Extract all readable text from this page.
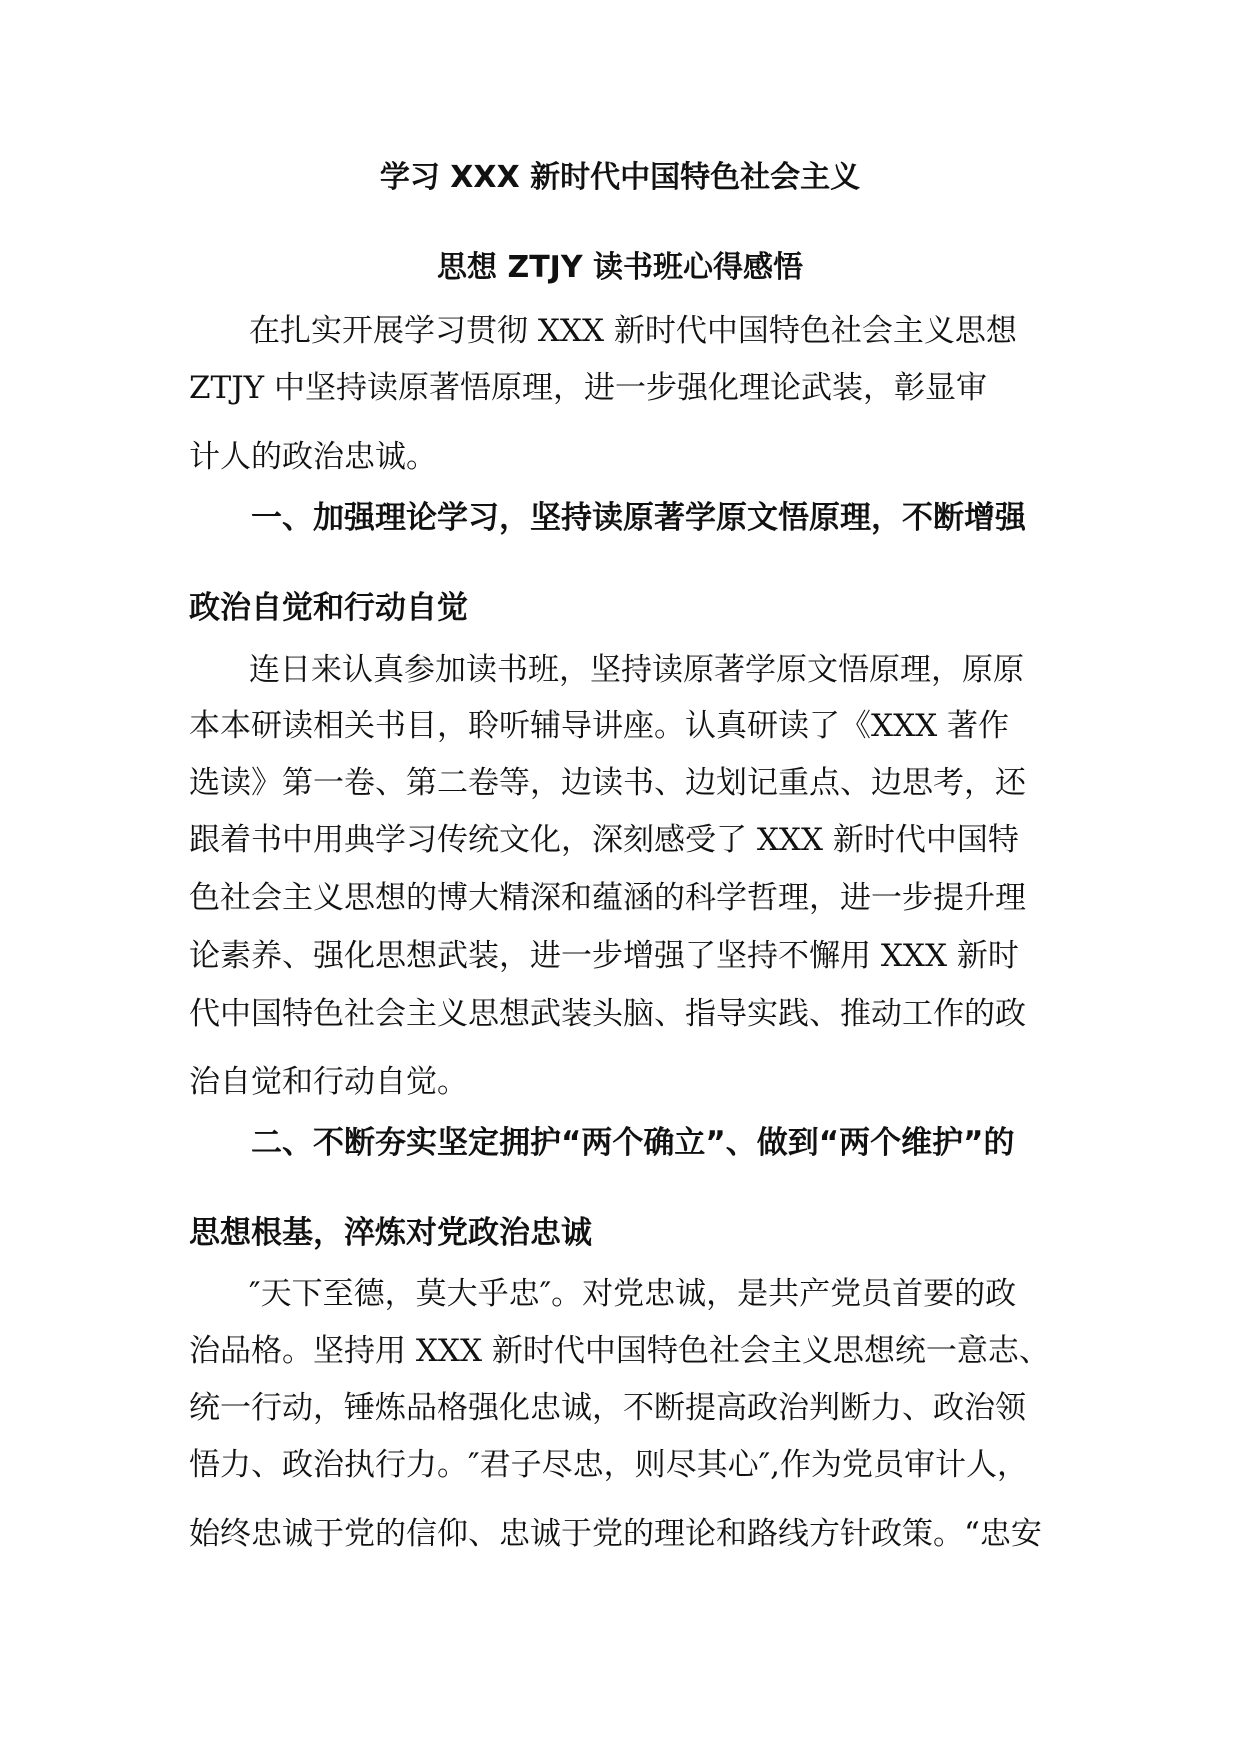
学习 XXX 新时代中国特色社会主义
思想 ZTJY 读书班心得感悟
在扎实开展学习贯彻 XXX 新时代中国特色社会主义思想
ZTJY 中坚持读原著悟原理，进一步强化理论武装，彰显审
计人的政治忠诚。
一、加强理论学习，坚持读原著学原文悟原理，不断增强
政治自觉和行动自觉
连日来认真参加读书班，坚持读原著学原文悟原理，原原
本本研读相关书目，聆听辅导讲座。认真研读了《XXX 著作
选读》第一卷、第二卷等，边读书、边划记重点、边思考，还
跟着书中用典学习传统文化，深刻感受了 XXX 新时代中国特
色社会主义思想的博大精深和蕴涵的科学哲理，进一步提升理
论素养、强化思想武装，进一步增强了坚持不懈用 XXX 新时
代中国特色社会主义思想武装头脑、指导实践、推动工作的政
治自觉和行动自觉。
二、不断夯实坚定拥护“两个确立”、做到“两个维护”的
思想根基，淬炼对党政治忠诚
″天下至德，莫大乎忠″。对党忠诚，是共产党员首要的政
治品格。坚持用 XXX 新时代中国特色社会主义思想统一意志、
统一行动，锤炼品格强化忠诚，不断提高政治判断力、政治领
悟力、政治执行力。″君子尽忠，则尽其心″,作为党员审计人，
始终忠诚于党的信仰、忠诚于党的理论和路线方针政策。“忠安
